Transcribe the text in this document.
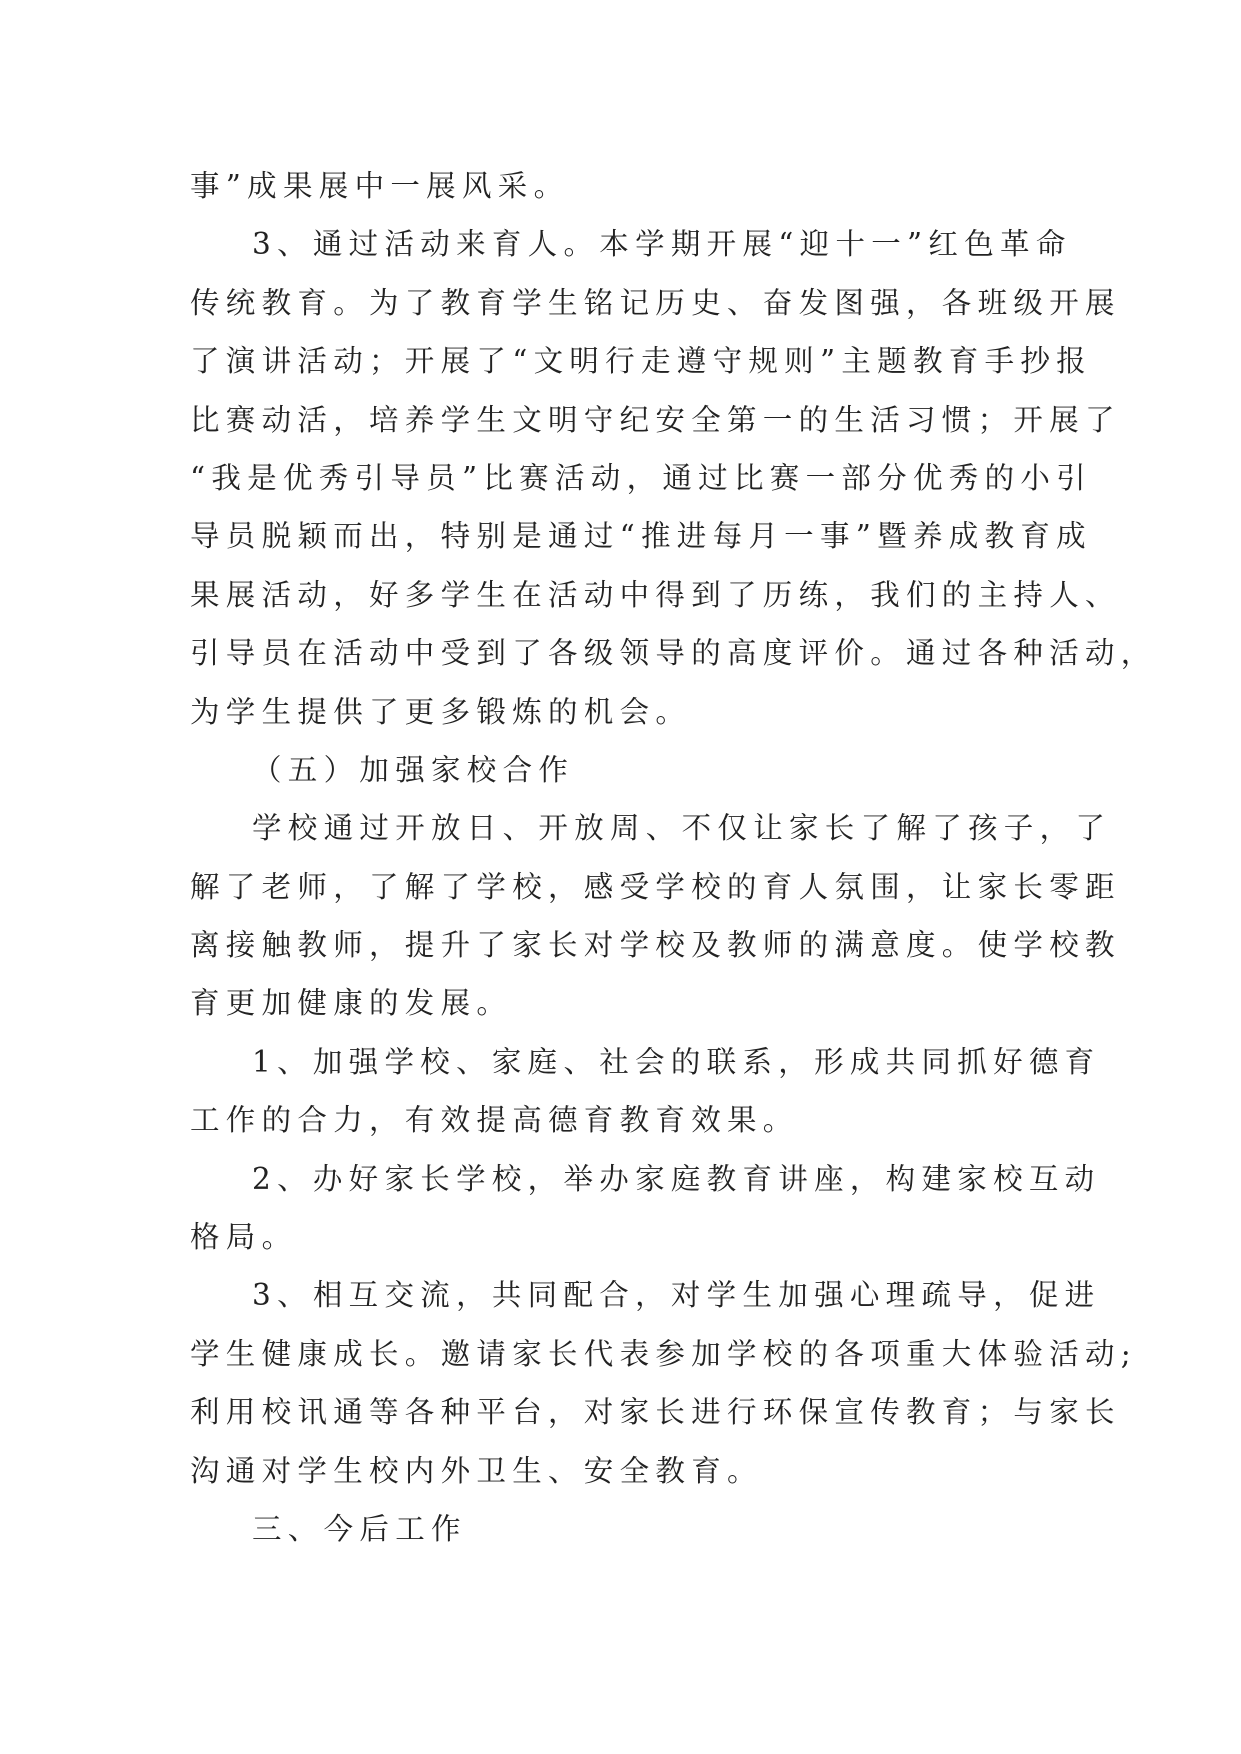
事”成果展中一展风采。
3、通过活动来育人。本学期开展“迎十一”红色革命
传统教育。为了教育学生铭记历史、奋发图强，各班级开展
了演讲活动；开展了“文明行走遵守规则”主题教育手抄报
比赛动活，培养学生文明守纪安全第一的生活习惯；开展了
“我是优秀引导员”比赛活动，通过比赛一部分优秀的小引
导员脱颖而出，特别是通过“推进每月一事”暨养成教育成
果展活动，好多学生在活动中得到了历练，我们的主持人、
引导员在活动中受到了各级领导的高度评价。通过各种活动，
为学生提供了更多锻炼的机会。
（五）加强家校合作
学校通过开放日、开放周、不仅让家长了解了孩子，了
解了老师，了解了学校，感受学校的育人氛围，让家长零距
离接触教师，提升了家长对学校及教师的满意度。使学校教
育更加健康的发展。
1、加强学校、家庭、社会的联系，形成共同抓好德育
工作的合力，有效提高德育教育效果。
2、办好家长学校，举办家庭教育讲座，构建家校互动
格局。
3、相互交流，共同配合，对学生加强心理疏导，促进
学生健康成长。邀请家长代表参加学校的各项重大体验活动;
利用校讯通等各种平台，对家长进行环保宣传教育；与家长
沟通对学生校内外卫生、安全教育。
三、今后工作
